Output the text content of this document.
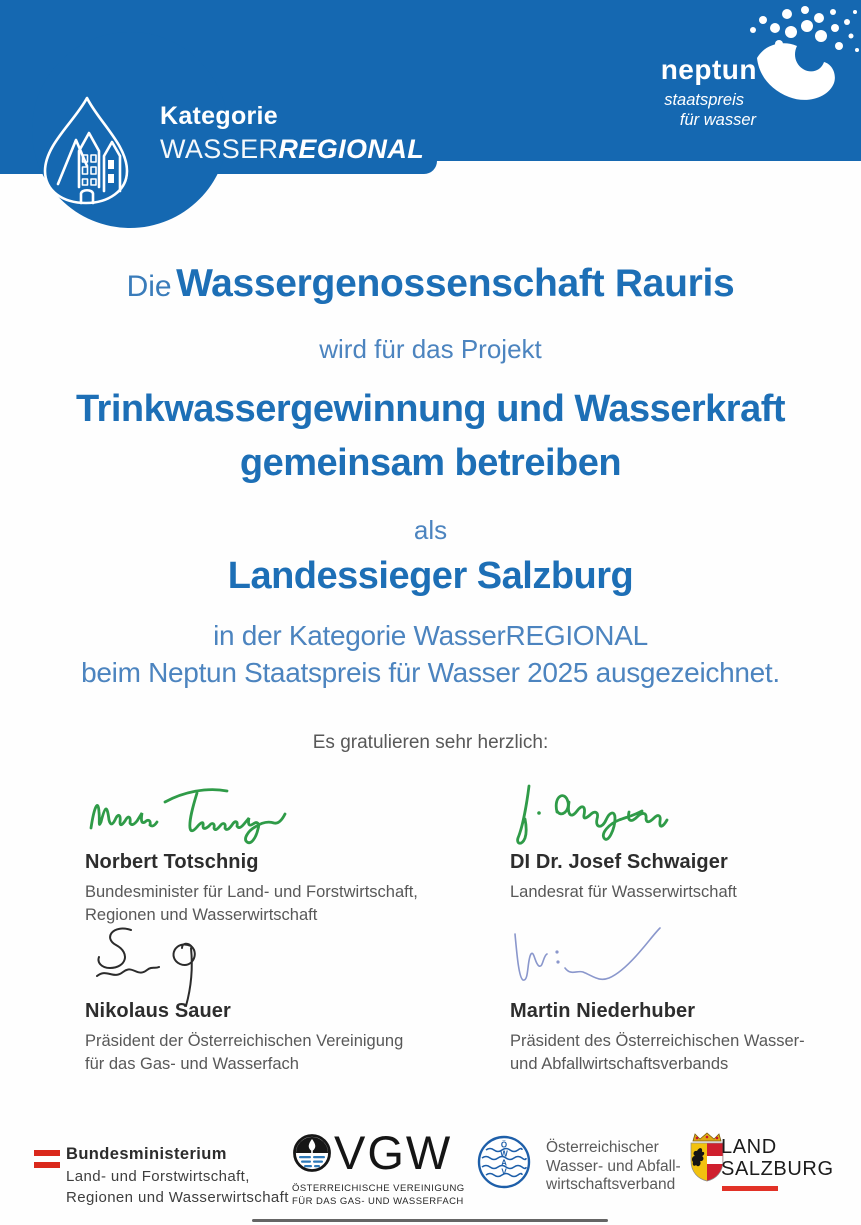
Kategorie
WASSERREGIONAL
neptun
staatspreis
für wasser
Die Wassergenossenschaft Rauris
wird für das Projekt
Trinkwassergewinnung und Wasserkraft
gemeinsam betreiben
als
Landessieger Salzburg
in der Kategorie WasserREGIONAL
beim Neptun Staatspreis für Wasser 2025 ausgezeichnet.
Es gratulieren sehr herzlich:
Norbert Totschnig
Bundesminister für Land- und Forstwirtschaft,
Regionen und Wasserwirtschaft
DI Dr. Josef Schwaiger
Landesrat für Wasserwirtschaft
Nikolaus Sauer
Präsident der Österreichischen Vereinigung
für das Gas- und Wasserfach
Martin Niederhuber
Präsident des Österreichischen Wasser-
und Abfallwirtschaftsverbands
Bundesministerium
Land- und Forstwirtschaft,
Regionen und Wasserwirtschaft
VGW
ÖSTERREICHISCHE VEREINIGUNG
FÜR DAS GAS- UND WASSERFACH
Ö
W
A
V
Österreichischer
Wasser- und Abfall-
wirtschaftsverband
LAND
SALZBURG
